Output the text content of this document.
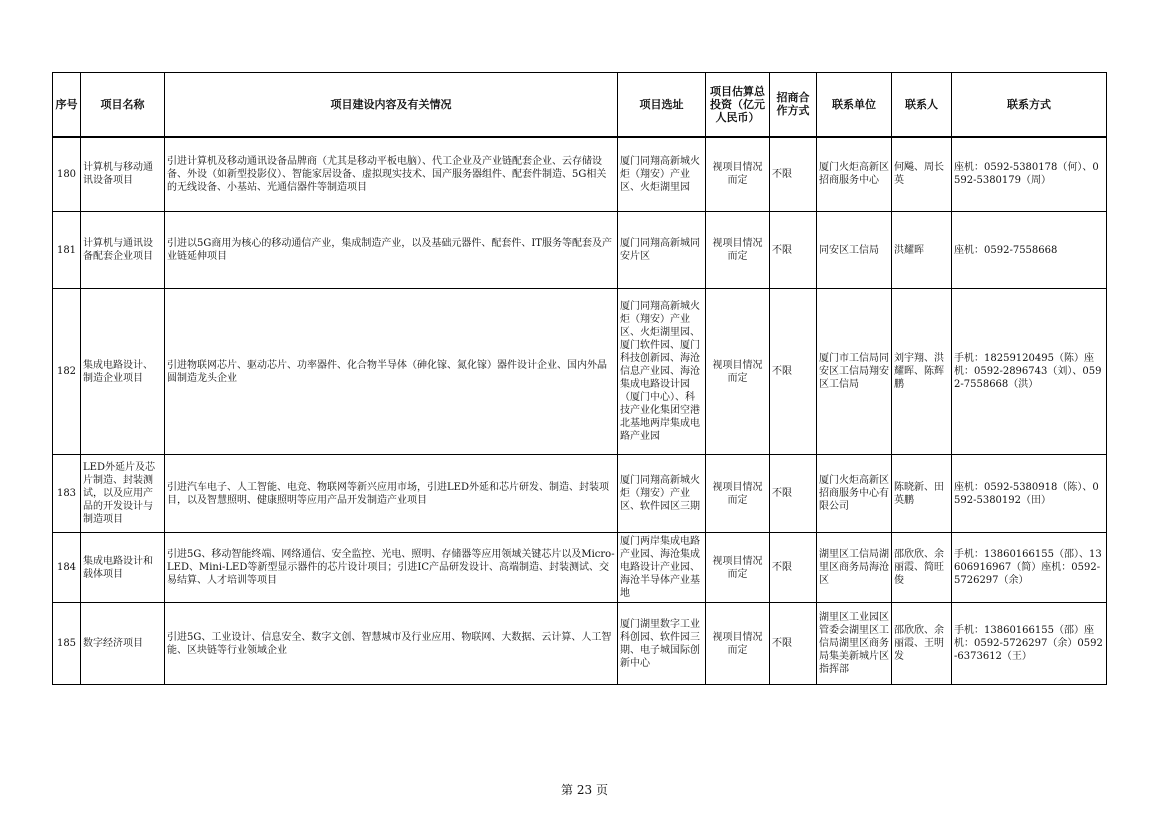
序号	项目名称	项目建设内容及有关情况	项目选址	项目估算总投资（亿元人民币）	招商合作方式	联系单位	联系人	联系方式
180	计算机与移动通讯设备项目	引进计算机及移动通讯设备品牌商（尤其是移动平板电脑）、代工企业及产业链配套企业、云存储设备、外设（如新型投影仪）、智能家居设备、虚拟现实技术、国产服务器组件、配套件制造、5G相关的无线设备、小基站、光通信器件等制造项目	厦门同翔高新城火炬（翔安）产业区、火炬湖里园	视项目情况而定	不限	厦门火炬高新区招商服务中心	何飚、周长英	座机：0592-5380178（何）、0592-5380179（周）
181	计算机与通讯设备配套企业项目	引进以5G商用为核心的移动通信产业，集成制造产业，以及基础元器件、配套件、IT服务等配套及产业链延伸项目	厦门同翔高新城同安片区	视项目情况而定	不限	同安区工信局	洪耀晖	座机：0592-7558668
182	集成电路设计、制造企业项目	引进物联网芯片、驱动芯片、功率器件、化合物半导体（砷化镓、氮化镓）器件设计企业、国内外晶圆制造龙头企业	厦门同翔高新城火炬（翔安）产业区、火炬湖里园、厦门软件园、厦门科技创新园、海沧信息产业园、海沧集成电路设计园（厦门中心）、科技产业化集团空港北基地两岸集成电路产业园	视项目情况而定	不限	厦门市工信局同安区工信局翔安区工信局	刘宇翔、洪耀晖、陈辉鹏	手机：18259120495（陈）座机：0592-2896743（刘）、0592-7558668（洪）
183	LED外延片及芯片制造、封装测试，以及应用产品的开发设计与制造项目	引进汽车电子、人工智能、电竞、物联网等新兴应用市场，引进LED外延和芯片研发、制造、封装项目，以及智慧照明、健康照明等应用产品开发制造产业项目	厦门同翔高新城火炬（翔安）产业区、软件园区三期	视项目情况而定	不限	厦门火炬高新区招商服务中心有限公司	陈晓新、田英鹏	座机：0592-5380918（陈）、0592-5380192（田）
184	集成电路设计和载体项目	引进5G、移动智能终端、网络通信、安全监控、光电、照明、存储器等应用领域关键芯片以及Micro-LED、Mini-LED等新型显示器件的芯片设计项目；引进IC产品研发设计、高端制造、封装测试、交易结算、人才培训等项目	厦门两岸集成电路产业园、海沧集成电路设计产业园、海沧半导体产业基地	视项目情况而定	不限	湖里区工信局湖里区商务局海沧区	邵欣欣、余丽霞、简旺俊	手机：13860166155（邵）、13606916967（简）座机：0592-5726297（余）
185	数字经济项目	引进5G、工业设计、信息安全、数字文创、智慧城市及行业应用、物联网、大数据、云计算、人工智能、区块链等行业领域企业	厦门湖里数字工业科创园、软件园三期、电子城国际创新中心	视项目情况而定	不限	湖里区工业园区管委会湖里区工信局湖里区商务局集美新城片区指挥部	邵欣欣、余丽霞、王明发	手机：13860166155（邵）座机：0592-5726297（余）0592-6373612（王）
第 23 页
